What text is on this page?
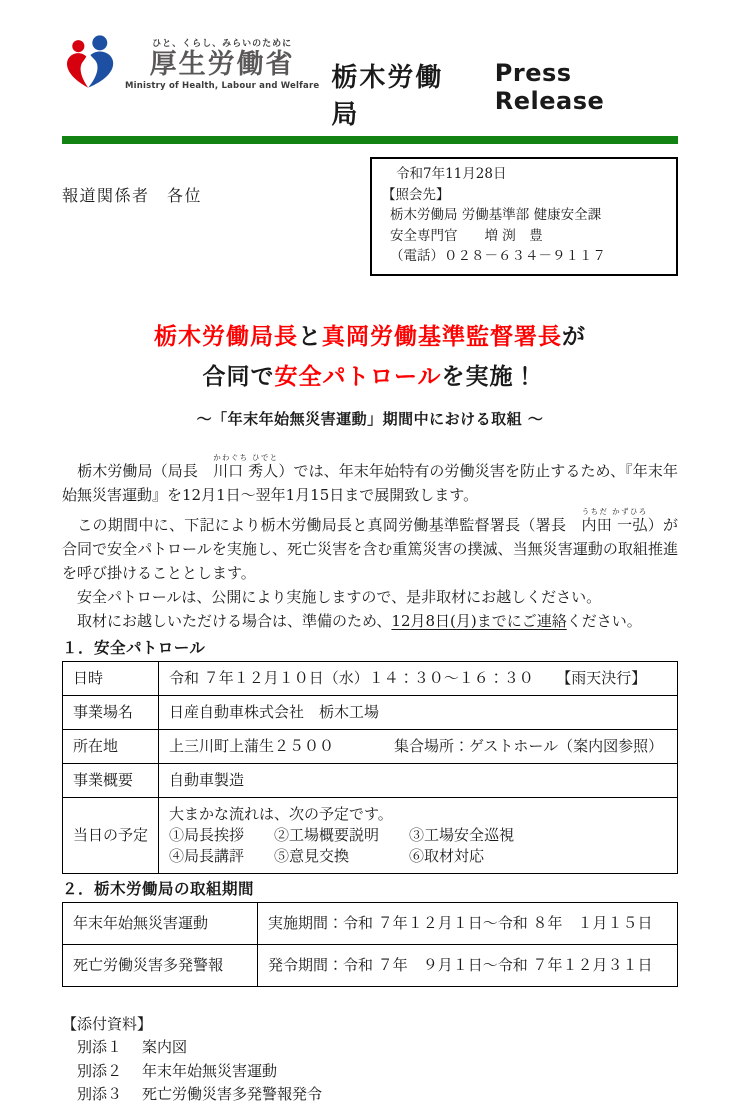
ひと、くらし、みらいのために
厚生労働省
Ministry of Health, Labour and Welfare 栃木労働局
Press Release
報道関係者　各位
令和7年11月28日
【照会先】
栃木労働局 労働基準部 健康安全課
安全専門官　　増 渕　豊
（電話）０２８－６３４－９１１７
栃木労働局長と真岡労働基準監督署長が
合同で安全パトロールを実施！
～「年末年始無災害運動」期間中における取組 ～

　栃木労働局（局長　川口 秀人かわぐち ひでと）では、年末年始特有の労働災害を防止するため、『年末年始無災害運動』を12月1日～翌年1月15日まで展開致します。

　この期間中に、下記により栃木労働局長と真岡労働基準監督署長（署長　内田 一弘うちだ かずひろ）が合同で安全パトロールを実施し、死亡災害を含む重篤災害の撲滅、当無災害運動の取組推進を呼び掛けることとします。

　安全パトロールは、公開により実施しますので、是非取材にお越しください。

　取材にお越しいただける場合は、準備のため、12月8日(月)までにご連絡ください。

１．安全パトロール
日時	令和 ７年１２月１０日（水）１４：３０～１６：３０　　【雨天決行】
事業場名	日産自動車株式会社　栃木工場
所在地	上三川町上蒲生２５００　　　　集合場所：ゲストホール（案内図参照）
事業概要	自動車製造
当日の予定	大まかな流れは、次の予定です。
①局長挨拶　　②工場概要説明　　③工場安全巡視
④局長講評　　⑤意見交換　　　　⑥取材対応
２．栃木労働局の取組期間
年末年始無災害運動	実施期間：令和 ７年１２月１日～令和 ８年　１月１５日
死亡労働災害多発警報	発令期間：令和 ７年　９月１日～令和 ７年１２月３１日
【添付資料】
別添１ 案内図
別添２ 年末年始無災害運動
別添３ 死亡労働災害多発警報発令
